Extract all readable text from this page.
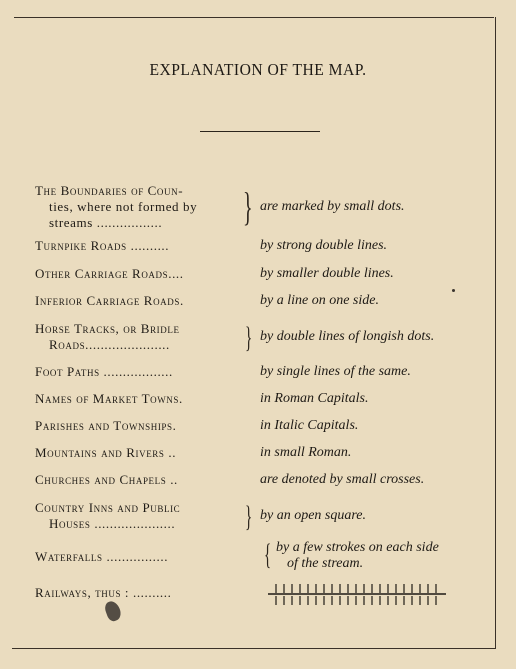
EXPLANATION OF THE MAP.
The Boundaries of Coun-
ties, where not formed by
streams ................. } are marked by small dots.
Turnpike Roads ..........	by strong double lines.
Other Carriage Roads....	by smaller double lines.
Inferior Carriage Roads.	by a line on one side.
Horse Tracks, or Bridle
Roads......................	} by double lines of longish dots.
Foot Paths ..................	by single lines of the same.
Names of Market Towns.	in Roman Capitals.
Parishes and Townships.	in Italic Capitals.
Mountains and Rivers ..	in small Roman.
Churches and Chapels ..	are denoted by small crosses.
Country Inns and Public
Houses ..................... } by an open square.
Waterfalls ................	{ by a few strokes on each side
of the stream.
Railways, thus : ..........
